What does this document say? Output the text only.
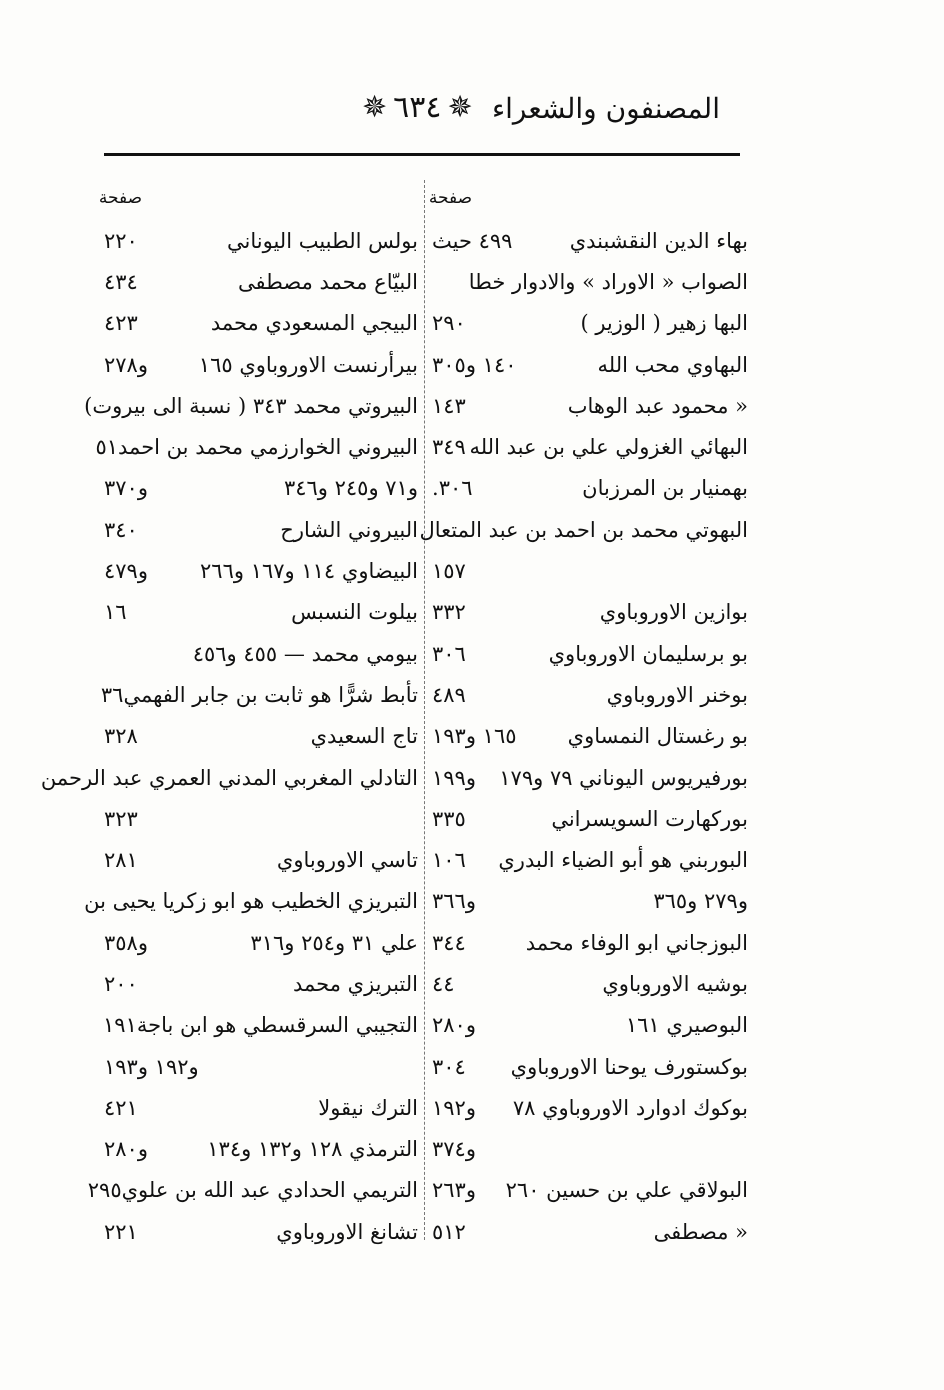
المصنفون والشعراء
✵ ٦٣٤ ✵
صفحة
بهاء الدين النقشبندي
٤٩٩ حيث
الصواب « الاوراد » والادوار خطا
البها زهير ( الوزير )
٢٩٠
البهاوي محب الله
١٤٠ و٣٠٥
« محمود عبد الوهاب
١٤٣
البهائي الغزولي علي بن عبد الله
٣٤٩
بهمنيار بن المرزبان
٣٠٦.
البهوتي محمد بن احمد بن عبد المتعال
١٥٧
بوازين الاوروباوي
٣٣٢
بو برسليمان الاوروباوي
٣٠٦
بوخنر الاوروباوي
٤٨٩
بو رغستال النمساوي
١٦٥ و١٩٣
بورفيريوس اليوناني ٧٩ و١٧٩
و١٩٩
بوركهارت السويسراني
٣٣٥
البوربني هو أبو الضياء البدري
١٠٦
و٢٧٩ و٣٦٥
و٣٦٦
البوزجاني ابو الوفاء محمد
٣٤٤
بوشيه الاوروباوي
٤٤
البوصيري ١٦١
و٢٨٠
بوكستورف يوحنا الاوروباوي
٣٠٤
بوكوك ادوارد الاوروباوي ٧٨
و١٩٢
و٣٧٤
البولاقي علي بن حسين ٢٦٠
و٢٦٣
« مصطفى
٥١٢
صفحة
بولس الطبيب اليوناني
٢٢٠
البيّاع محمد مصطفى
٤٣٤
البيجي المسعودي محمد
٤٢٣
بيرأرنست الاوروباوي ١٦٥
و٢٧٨
البيروتي محمد ٣٤٣ ( نسبة الى بيروت)
البيروني الخوارزمي محمد بن احمد
٥١
و٧١ و٢٤٥ و٣٤٦
و٣٧٠
البيروني الشارح
٣٤٠
البيضاوي ١١٤ و١٦٧ و٢٦٦
و٤٧٩
بيلوت النسبس
١٦
بيومي محمد — ٤٥٥ و٤٥٦
تأبط شرًّا هو ثابت بن جابر الفهمي
٣٦
تاج السعيدي
٣٢٨
التادلي المغربي المدني العمري عبد الرحمن
٣٢٣
تاسي الاوروباوي
٢٨١
التبريزي الخطيب هو ابو زكريا يحيى بن
علي ٣١ و٢٥٤ و٣١٦
و٣٥٨
التبريزي محمد
٢٠٠
التجيبي السرقسطي هو ابن باجة
١٩١
و١٩٢ و١٩٣
الترك نيقولا
٤٢١
الترمذي ١٢٨ و١٣٢ و١٣٤
و٢٨٠
التريمي الحدادي عبد الله بن علوي
٢٩٥
تشانغ الاوروباوي
٢٢١
